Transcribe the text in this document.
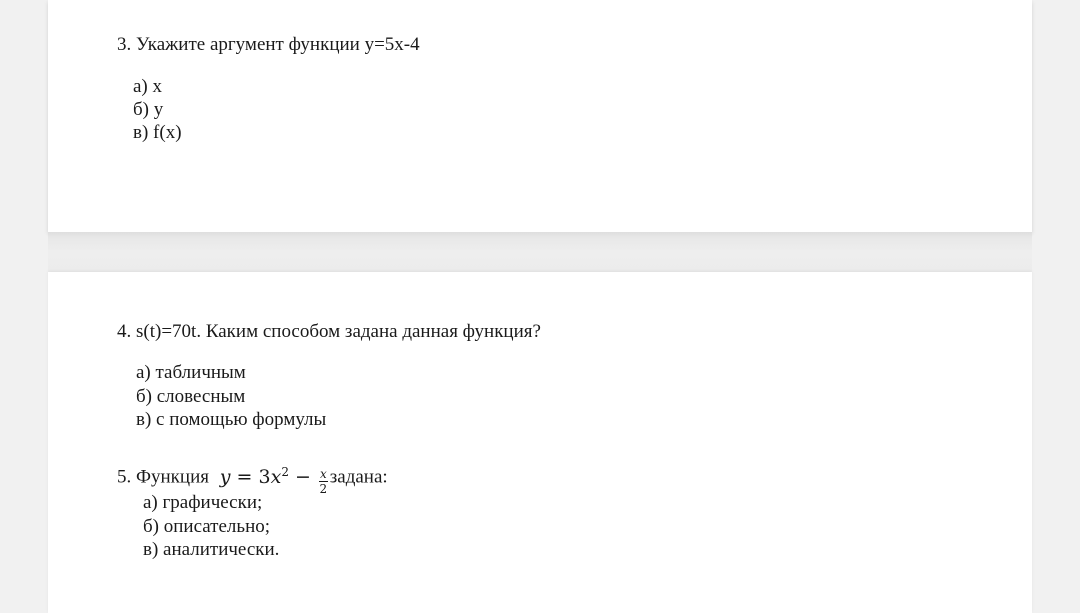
3. Укажите аргумент функции y=5x-4
а) x
б) y
в) f(x)
4. s(t)=70t. Каким способом задана данная функция?
а) табличным
б) словесным
в) с помощью формулы
5. Функция $y = 3x^2 - \frac{x}{2}$ задана:
а) графически;
б) описательно;
в) аналитически.
